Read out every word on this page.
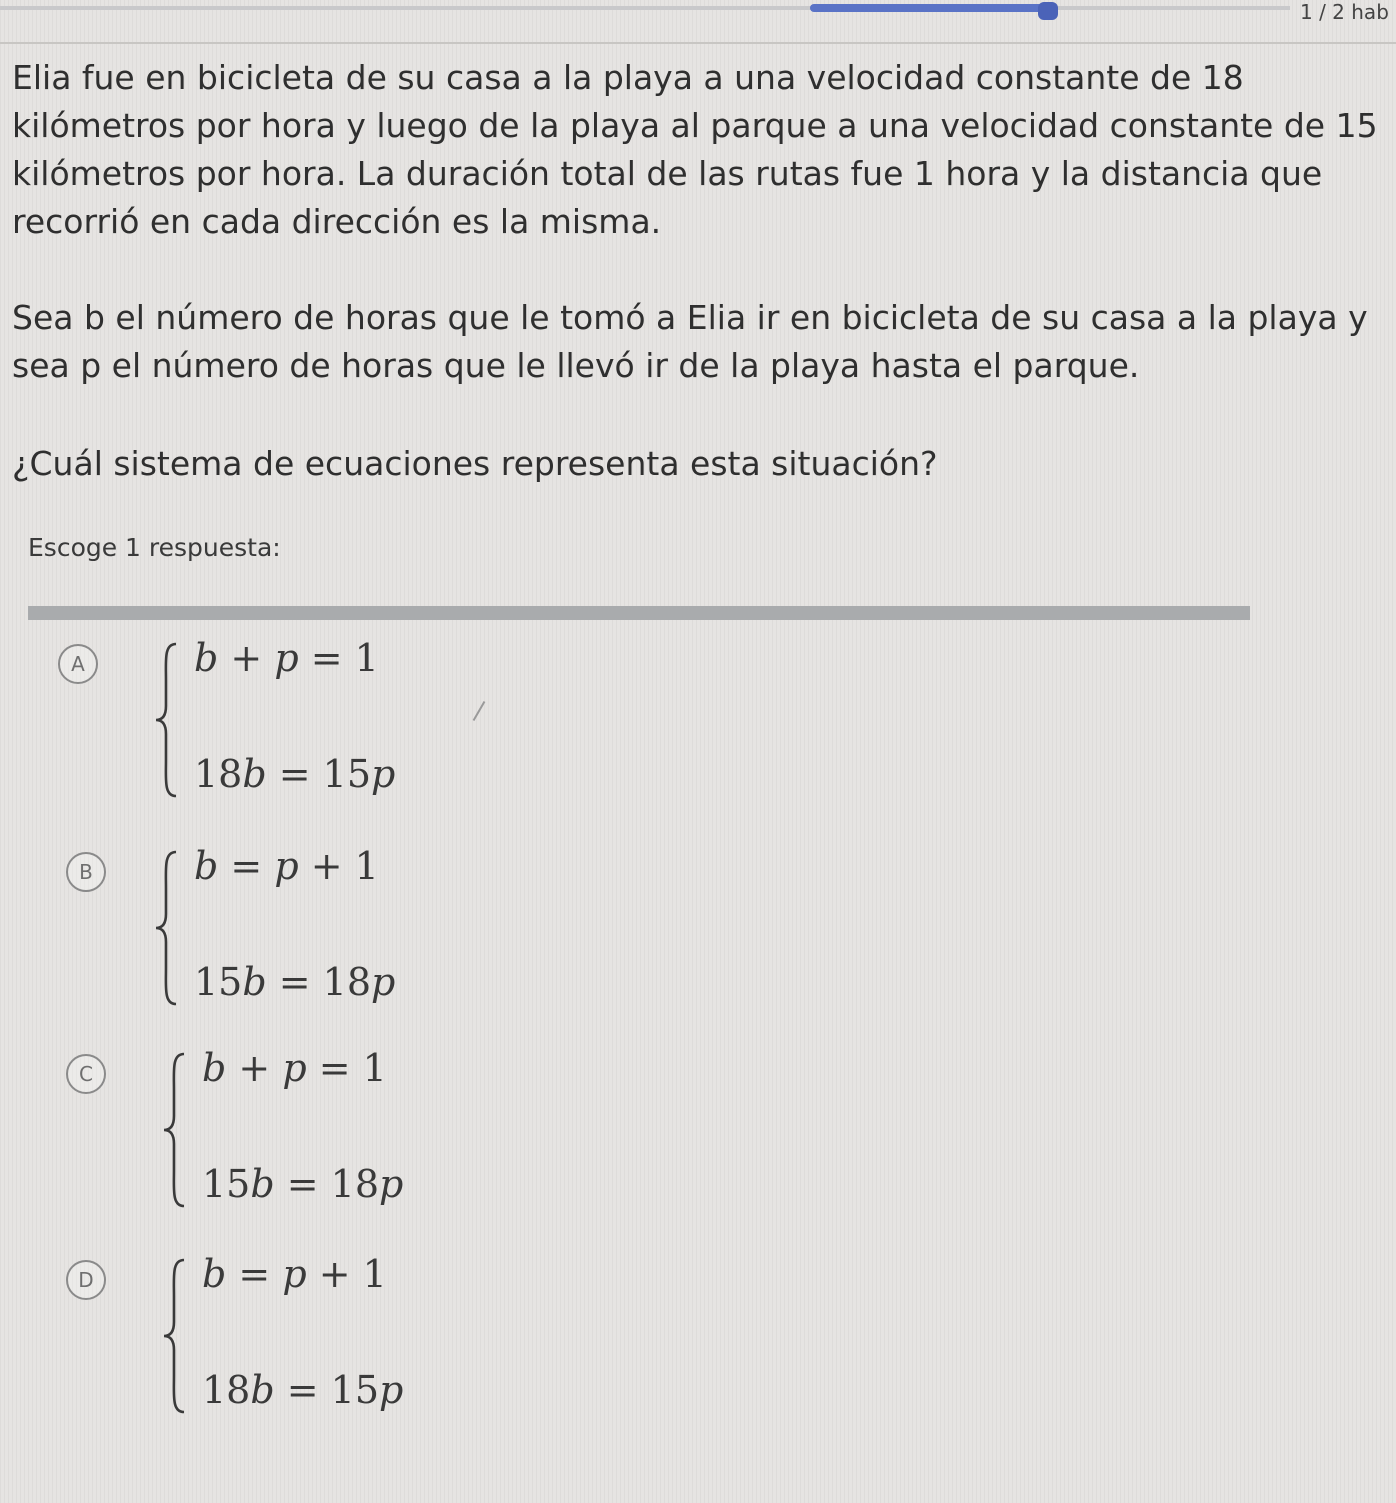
1 / 2 hab
Elia fue en bicicleta de su casa a la playa a una velocidad constante de 18 kilómetros por hora y luego de la playa al parque a una velocidad constante de 15 kilómetros por hora. La duración total de las rutas fue 1 hora y la distancia que recorrió en cada dirección es la misma.
Sea b el número de horas que le tomó a Elia ir en bicicleta de su casa a la playa y sea p el número de horas que le llevó ir de la playa hasta el parque.
¿Cuál sistema de ecuaciones representa esta situación?
Escoge 1 respuesta:
A	b + p = 1
18b = 15p
B	b = p + 1
15b = 18p
C	b + p = 1
15b = 18p
D	b = p + 1
18b = 15p
